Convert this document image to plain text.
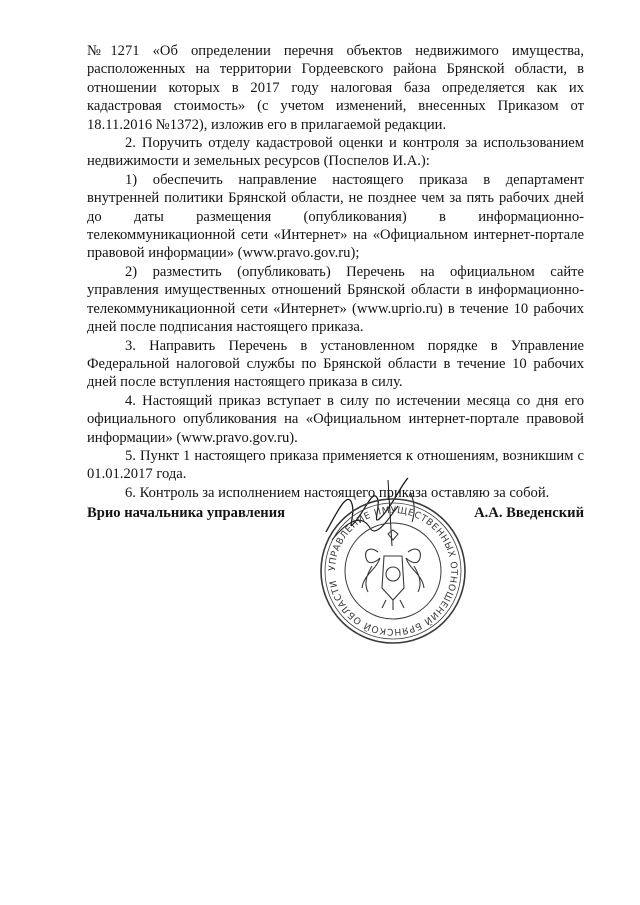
№1271 «Об определении перечня объектов недвижимого имущества, расположенных на территории Гордеевского района Брянской области, в отношении которых в 2017 году налоговая база определяется как их кадастровая стоимость» (с учетом изменений, внесенных Приказом от 18.11.2016 №1372), изложив его в прилагаемой редакции.

2. Поручить отделу кадастровой оценки и контроля за использованием недвижимости и земельных ресурсов (Поспелов И.А.):

1) обеспечить направление настоящего приказа в департамент внутренней политики Брянской области, не позднее чем за пять рабочих дней до даты размещения (опубликования) в информационно-телекоммуникационной сети «Интернет» на «Официальном интернет-портале правовой информации» (www.pravo.gov.ru);

2) разместить (опубликовать) Перечень на официальном сайте управления имущественных отношений Брянской области в информационно-телекоммуникационной сети «Интернет» (www.uprio.ru) в течение 10 рабочих дней после подписания настоящего приказа.

3. Направить Перечень в установленном порядке в Управление Федеральной налоговой службы по Брянской области в течение 10 рабочих дней после вступления настоящего приказа в силу.

4. Настоящий приказ вступает в силу по истечении месяца со дня его официального опубликования на «Официальном интернет-портале правовой информации» (www.pravo.gov.ru).

5. Пункт 1 настоящего приказа применяется к отношениям, возникшим с 01.01.2017 года.

6. Контроль за исполнением настоящего приказа оставляю за собой.

Врио начальника управления	А.А. Введенский
УПРАВЛЕНИЕ ИМУЩЕСТВЕННЫХ ОТНОШЕНИЙ БРЯНСКОЙ ОБЛАСТИ
